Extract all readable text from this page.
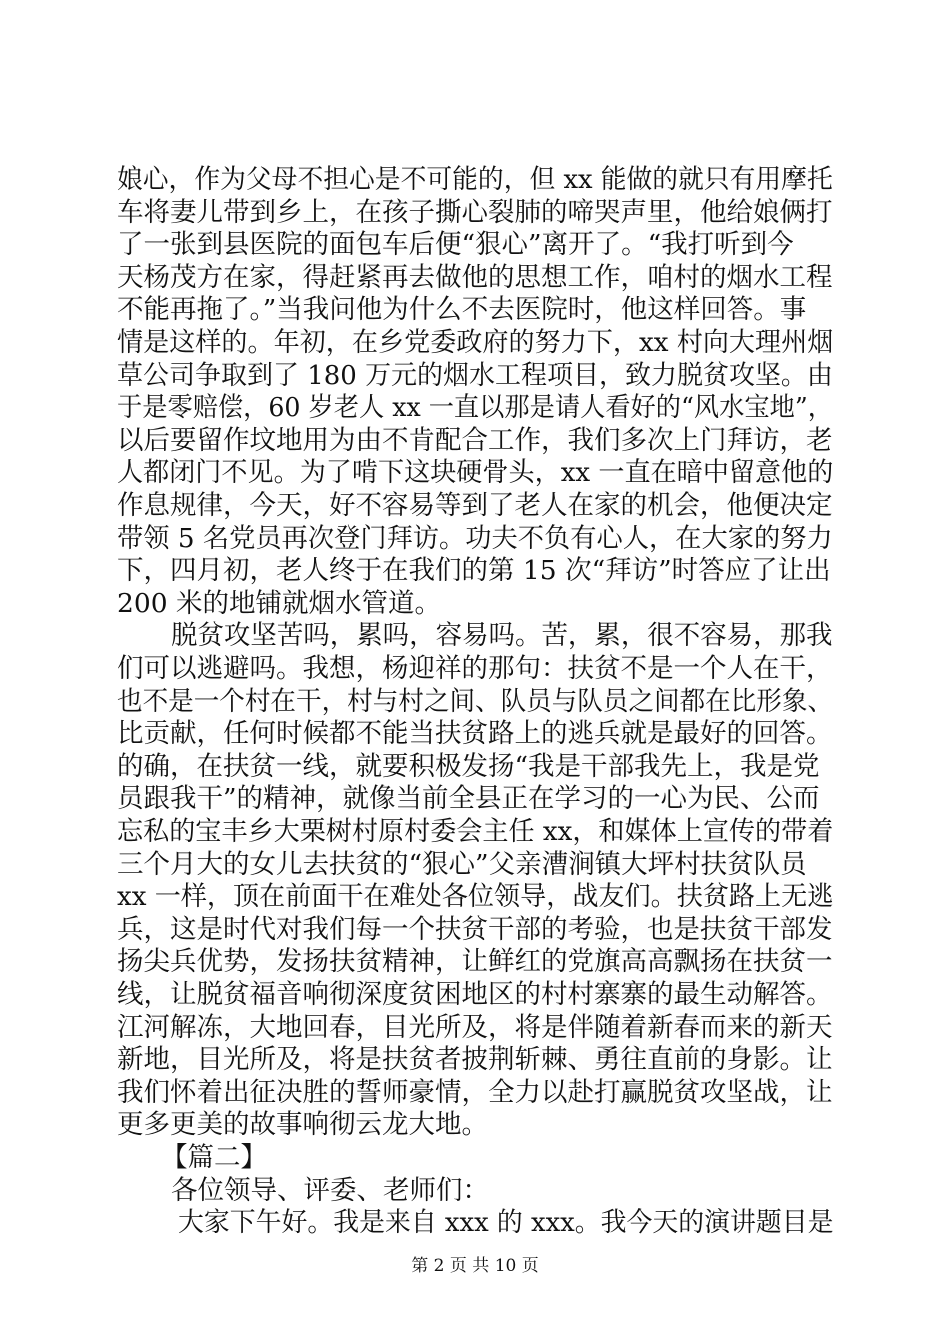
娘心，作为父母不担心是不可能的，但 xx 能做的就只有用摩托
车将妻儿带到乡上，在孩子撕心裂肺的啼哭声里，他给娘俩打
了一张到县医院的面包车后便“狠心”离开了。“我打听到今
天杨茂方在家，得赶紧再去做他的思想工作，咱村的烟水工程
不能再拖了。”当我问他为什么不去医院时，他这样回答。事
情是这样的。年初，在乡党委政府的努力下，xx 村向大理州烟
草公司争取到了 180 万元的烟水工程项目，致力脱贫攻坚。由
于是零赔偿，60 岁老人 xx 一直以那是请人看好的“风水宝地”，
以后要留作坟地用为由不肯配合工作，我们多次上门拜访，老
人都闭门不见。为了啃下这块硬骨头，xx 一直在暗中留意他的
作息规律，今天，好不容易等到了老人在家的机会，他便决定
带领 5 名党员再次登门拜访。功夫不负有心人，在大家的努力
下，四月初，老人终于在我们的第 15 次“拜访”时答应了让出
200 米的地铺就烟水管道。
脱贫攻坚苦吗，累吗，容易吗。苦，累，很不容易，那我
们可以逃避吗。我想，杨迎祥的那句：扶贫不是一个人在干，
也不是一个村在干，村与村之间、队员与队员之间都在比形象、
比贡献，任何时候都不能当扶贫路上的逃兵就是最好的回答。
的确，在扶贫一线，就要积极发扬“我是干部我先上，我是党
员跟我干”的精神，就像当前全县正在学习的一心为民、公而
忘私的宝丰乡大栗树村原村委会主任 xx，和媒体上宣传的带着
三个月大的女儿去扶贫的“狠心”父亲漕涧镇大坪村扶贫队员
xx 一样，顶在前面干在难处各位领导，战友们。扶贫路上无逃
兵，这是时代对我们每一个扶贫干部的考验，也是扶贫干部发
扬尖兵优势，发扬扶贫精神，让鲜红的党旗高高飘扬在扶贫一
线，让脱贫福音响彻深度贫困地区的村村寨寨的最生动解答。
江河解冻，大地回春，目光所及，将是伴随着新春而来的新天
新地，目光所及，将是扶贫者披荆斩棘、勇往直前的身影。让
我们怀着出征决胜的誓师豪情，全力以赴打赢脱贫攻坚战，让
更多更美的故事响彻云龙大地。
【篇二】
各位领导、评委、老师们：
大家下午好。我是来自 xxx 的 xxx。我今天的演讲题目是
第 2 页 共 10 页
